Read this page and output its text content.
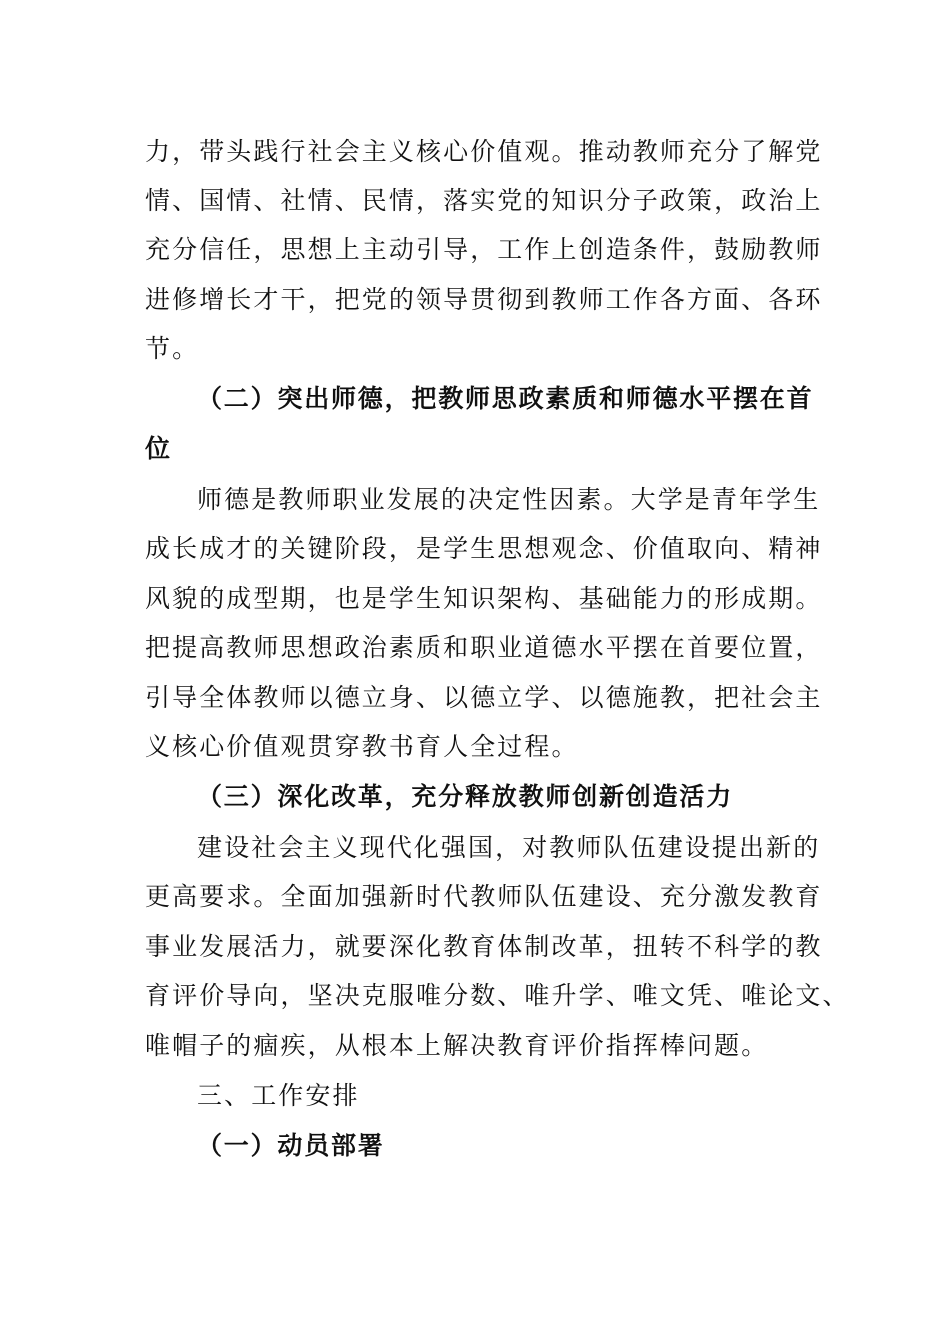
力，带头践行社会主义核心价值观。推动教师充分了解党
情、国情、社情、民情，落实党的知识分子政策，政治上
充分信任，思想上主动引导，工作上创造条件，鼓励教师
进修增长才干，把党的领导贯彻到教师工作各方面、各环
节。
（二）突出师德，把教师思政素质和师德水平摆在首
位
师德是教师职业发展的决定性因素。大学是青年学生
成长成才的关键阶段，是学生思想观念、价值取向、精神
风貌的成型期，也是学生知识架构、基础能力的形成期。
把提高教师思想政治素质和职业道德水平摆在首要位置，
引导全体教师以德立身、以德立学、以德施教，把社会主
义核心价值观贯穿教书育人全过程。
（三）深化改革，充分释放教师创新创造活力
建设社会主义现代化强国，对教师队伍建设提出新的
更高要求。全面加强新时代教师队伍建设、充分激发教育
事业发展活力，就要深化教育体制改革，扭转不科学的教
育评价导向，坚决克服唯分数、唯升学、唯文凭、唯论文、
唯帽子的痼疾，从根本上解决教育评价指挥棒问题。
三、工作安排
（一）动员部署
